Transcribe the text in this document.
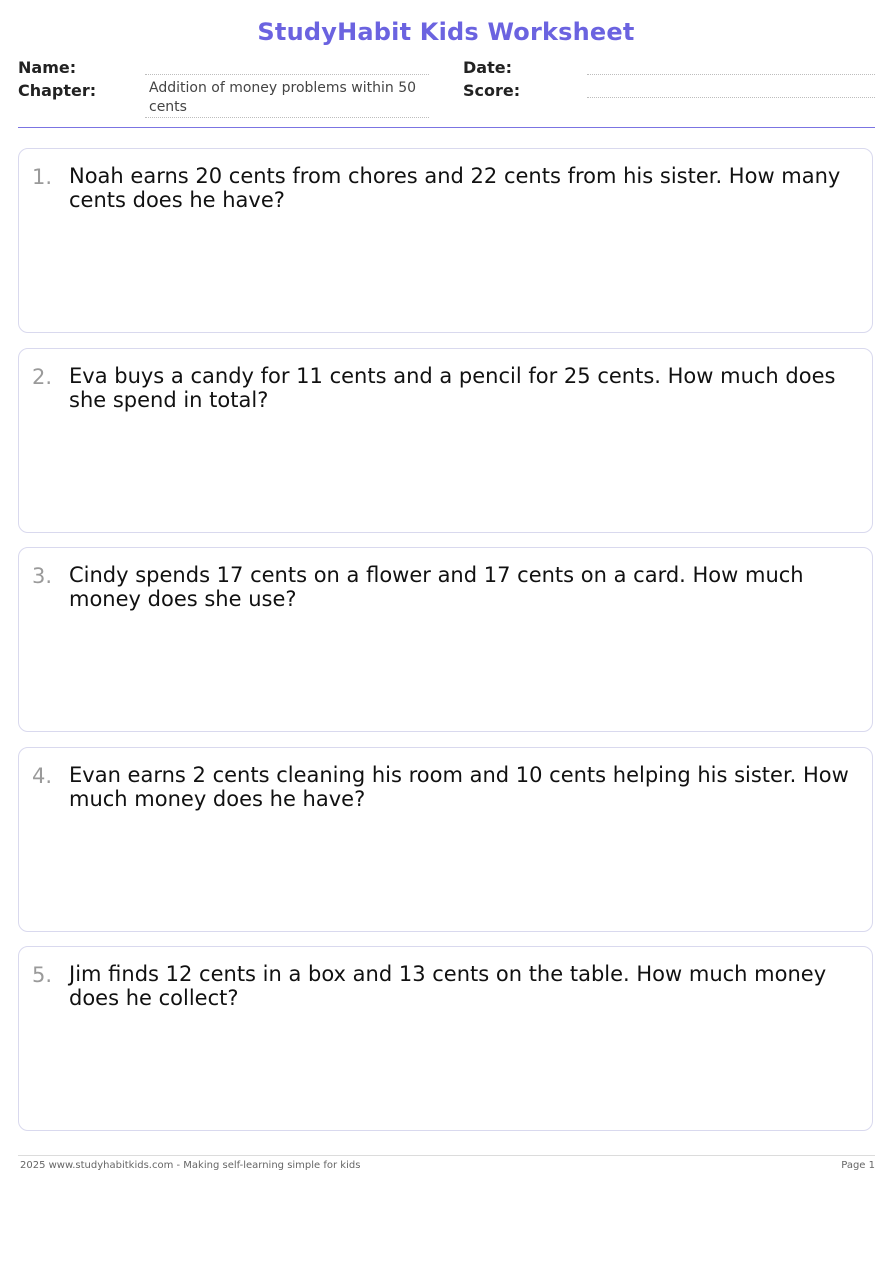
StudyHabit Kids Worksheet
Name:
Chapter:	Addition of money problems within 50 cents
Date:
Score:
1. Noah earns 20 cents from chores and 22 cents from his sister. How many cents does he have?
2. Eva buys a candy for 11 cents and a pencil for 25 cents. How much does she spend in total?
3. Cindy spends 17 cents on a flower and 17 cents on a card. How much money does she use?
4. Evan earns 2 cents cleaning his room and 10 cents helping his sister. How much money does he have?
5. Jim finds 12 cents in a box and 13 cents on the table. How much money does he collect?
2025 www.studyhabitkids.com - Making self-learning simple for kids	Page 1
